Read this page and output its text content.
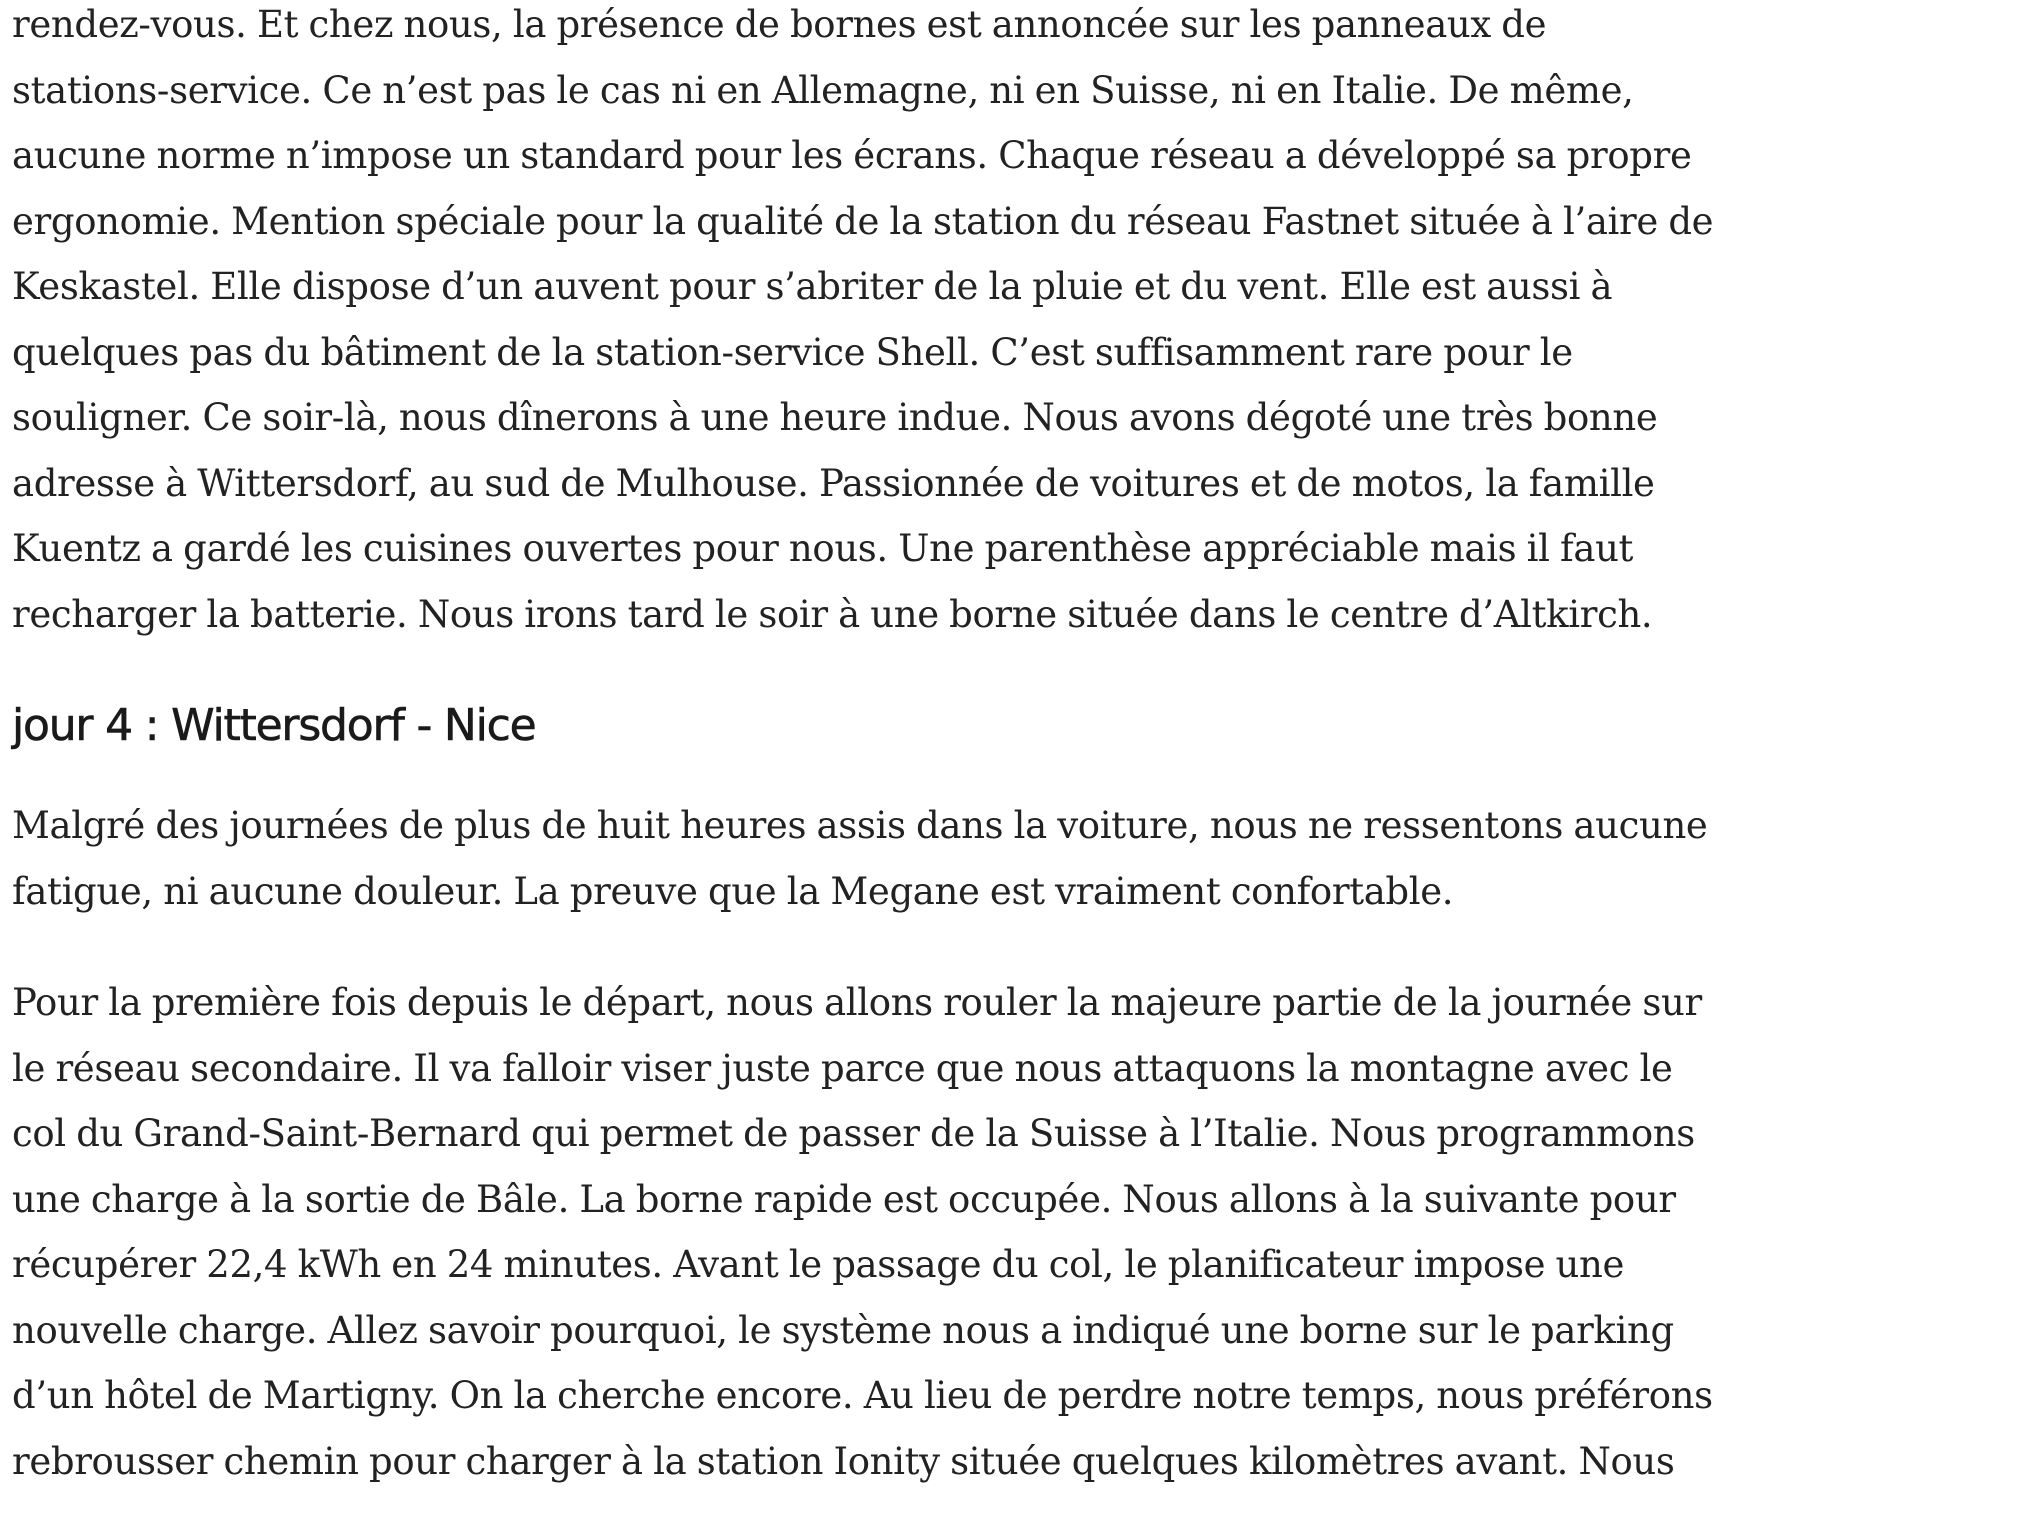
rendez-vous. Et chez nous, la présence de bornes est annoncée sur les panneaux de
stations-service. Ce n’est pas le cas ni en Allemagne, ni en Suisse, ni en Italie. De même,
aucune norme n’impose un standard pour les écrans. Chaque réseau a développé sa propre
ergonomie. Mention spéciale pour la qualité de la station du réseau Fastnet située à l’aire de
Keskastel. Elle dispose d’un auvent pour s’abriter de la pluie et du vent. Elle est aussi à
quelques pas du bâtiment de la station-service Shell. C’est suffisamment rare pour le
souligner. Ce soir-là, nous dînerons à une heure indue. Nous avons dégoté une très bonne
adresse à Wittersdorf, au sud de Mulhouse. Passionnée de voitures et de motos, la famille
Kuentz a gardé les cuisines ouvertes pour nous. Une parenthèse appréciable mais il faut
recharger la batterie. Nous irons tard le soir à une borne située dans le centre d’Altkirch.

jour 4 : Wittersdorf - Nice

Malgré des journées de plus de huit heures assis dans la voiture, nous ne ressentons aucune
fatigue, ni aucune douleur. La preuve que la Megane est vraiment confortable.

Pour la première fois depuis le départ, nous allons rouler la majeure partie de la journée sur
le réseau secondaire. Il va falloir viser juste parce que nous attaquons la montagne avec le
col du Grand-Saint-Bernard qui permet de passer de la Suisse à l’Italie. Nous programmons
une charge à la sortie de Bâle. La borne rapide est occupée. Nous allons à la suivante pour
récupérer 22,4 kWh en 24 minutes. Avant le passage du col, le planificateur impose une
nouvelle charge. Allez savoir pourquoi, le système nous a indiqué une borne sur le parking
d’un hôtel de Martigny. On la cherche encore. Au lieu de perdre notre temps, nous préférons
rebrousser chemin pour charger à la station Ionity située quelques kilomètres avant. Nous
